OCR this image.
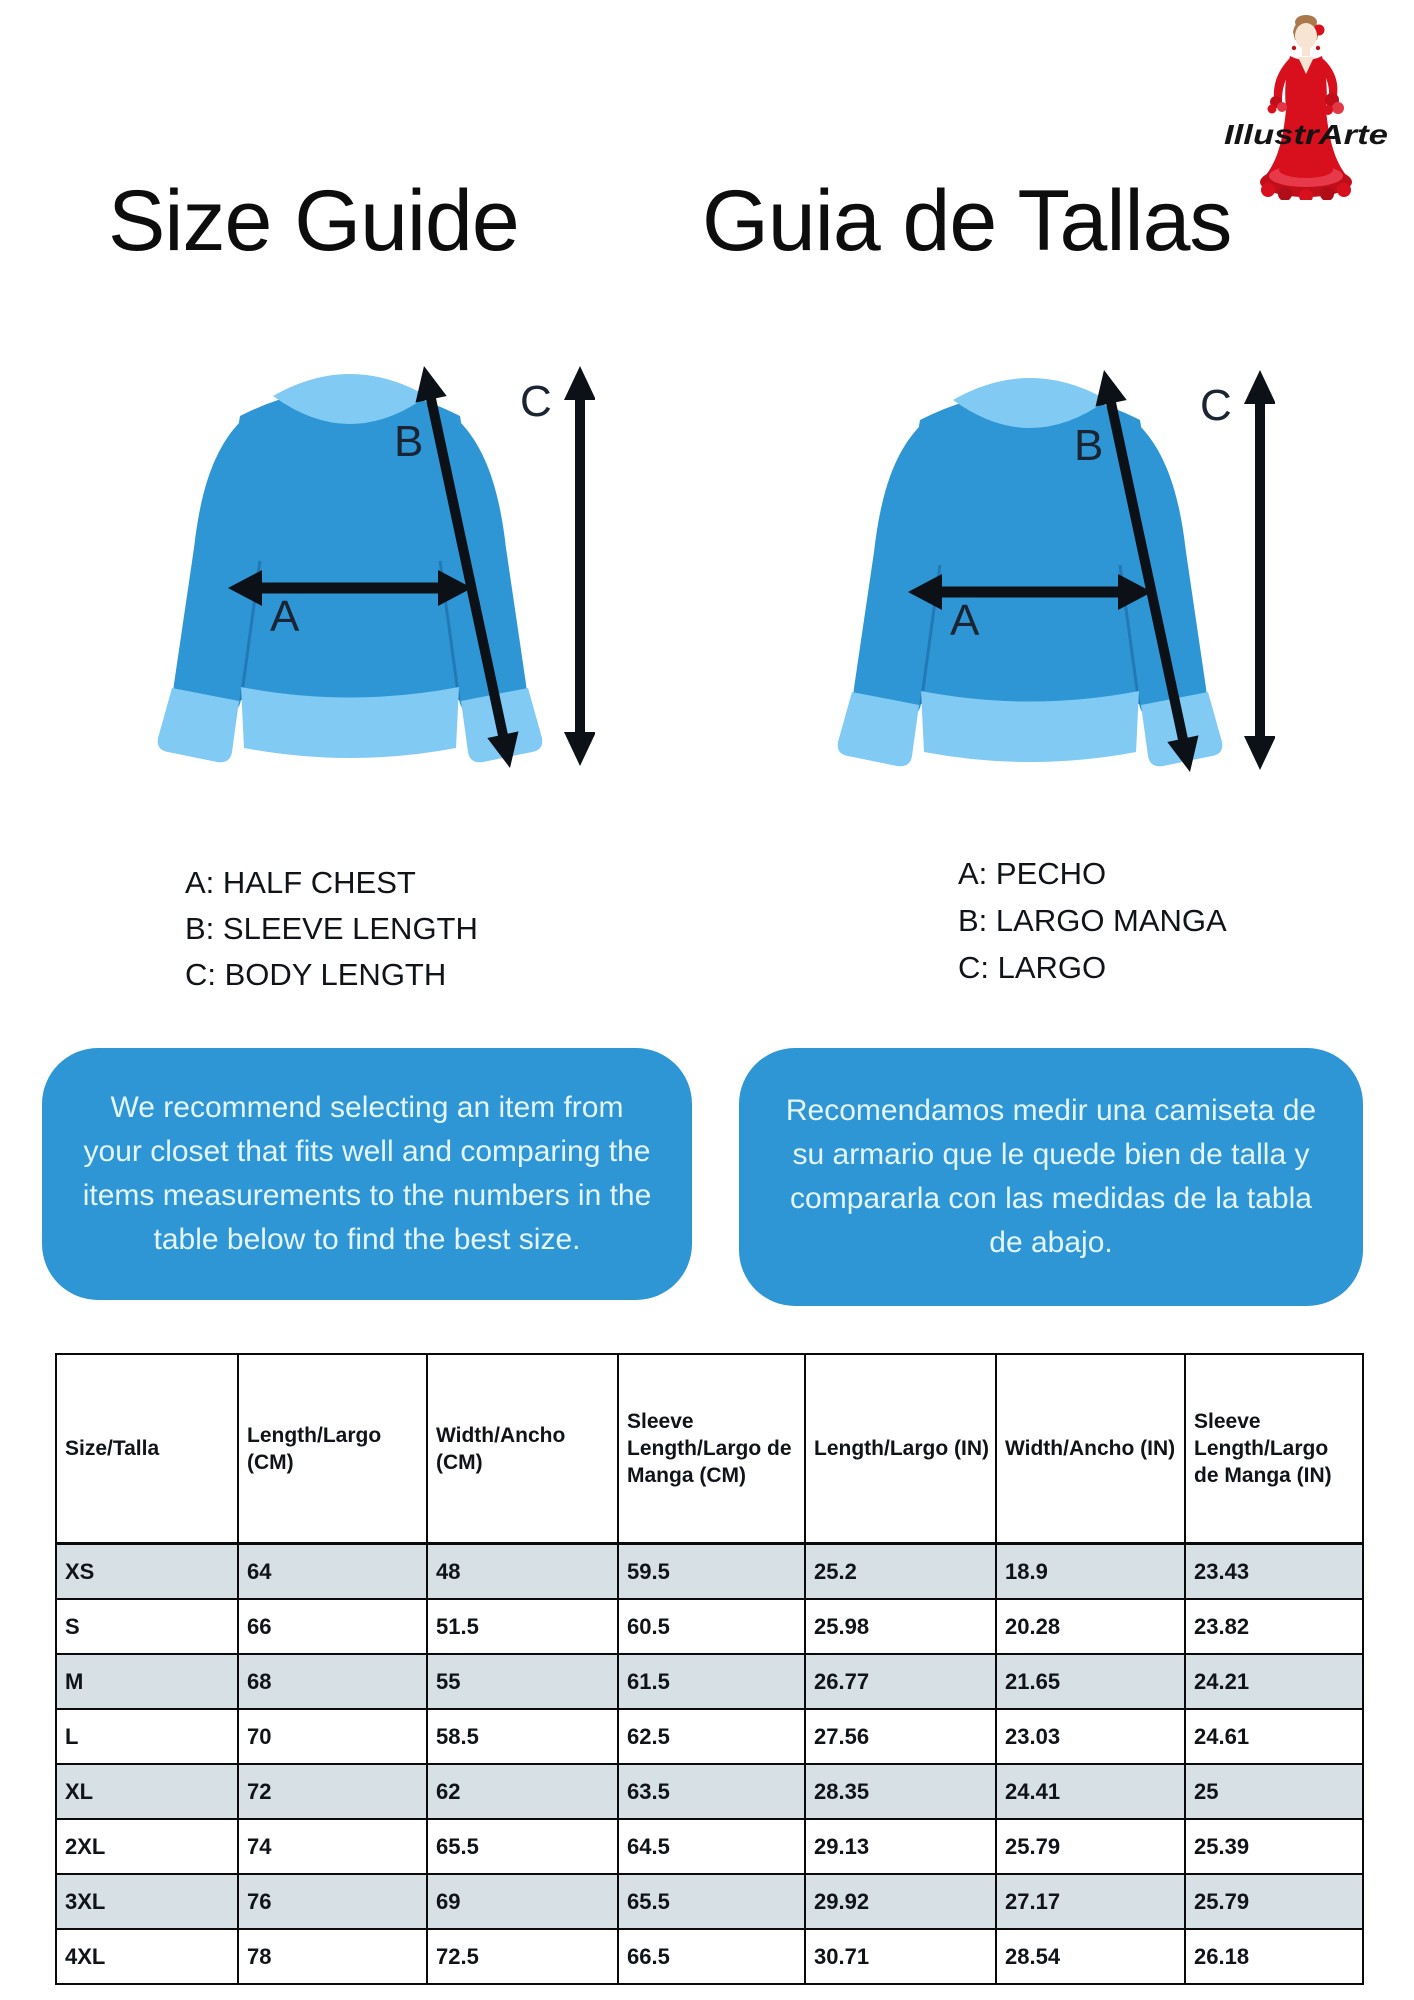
IllustrArte
Size Guide Guia de Tallas
A
B
C
A
B
C
A: HALF CHEST
B: SLEEVE LENGTH
C: BODY LENGTH
A: PECHO
B: LARGO MANGA
C: LARGO
We recommend selecting an item from your closet that fits well and comparing the items measurements to the numbers in the table below to find the best size.
Recomendamos medir una camiseta de su armario que le quede bien de talla y compararla con las medidas de la tabla de abajo.
Size/Talla	Length/Largo (CM)	Width/Ancho (CM)	Sleeve Length/Largo de Manga (CM)	Length/Largo (IN)	Width/Ancho (IN)	Sleeve Length/Largo de Manga (IN)
XS	64	48	59.5	25.2	18.9	23.43
S	66	51.5	60.5	25.98	20.28	23.82
M	68	55	61.5	26.77	21.65	24.21
L	70	58.5	62.5	27.56	23.03	24.61
XL	72	62	63.5	28.35	24.41	25
2XL	74	65.5	64.5	29.13	25.79	25.39
3XL	76	69	65.5	29.92	27.17	25.79
4XL	78	72.5	66.5	30.71	28.54	26.18
